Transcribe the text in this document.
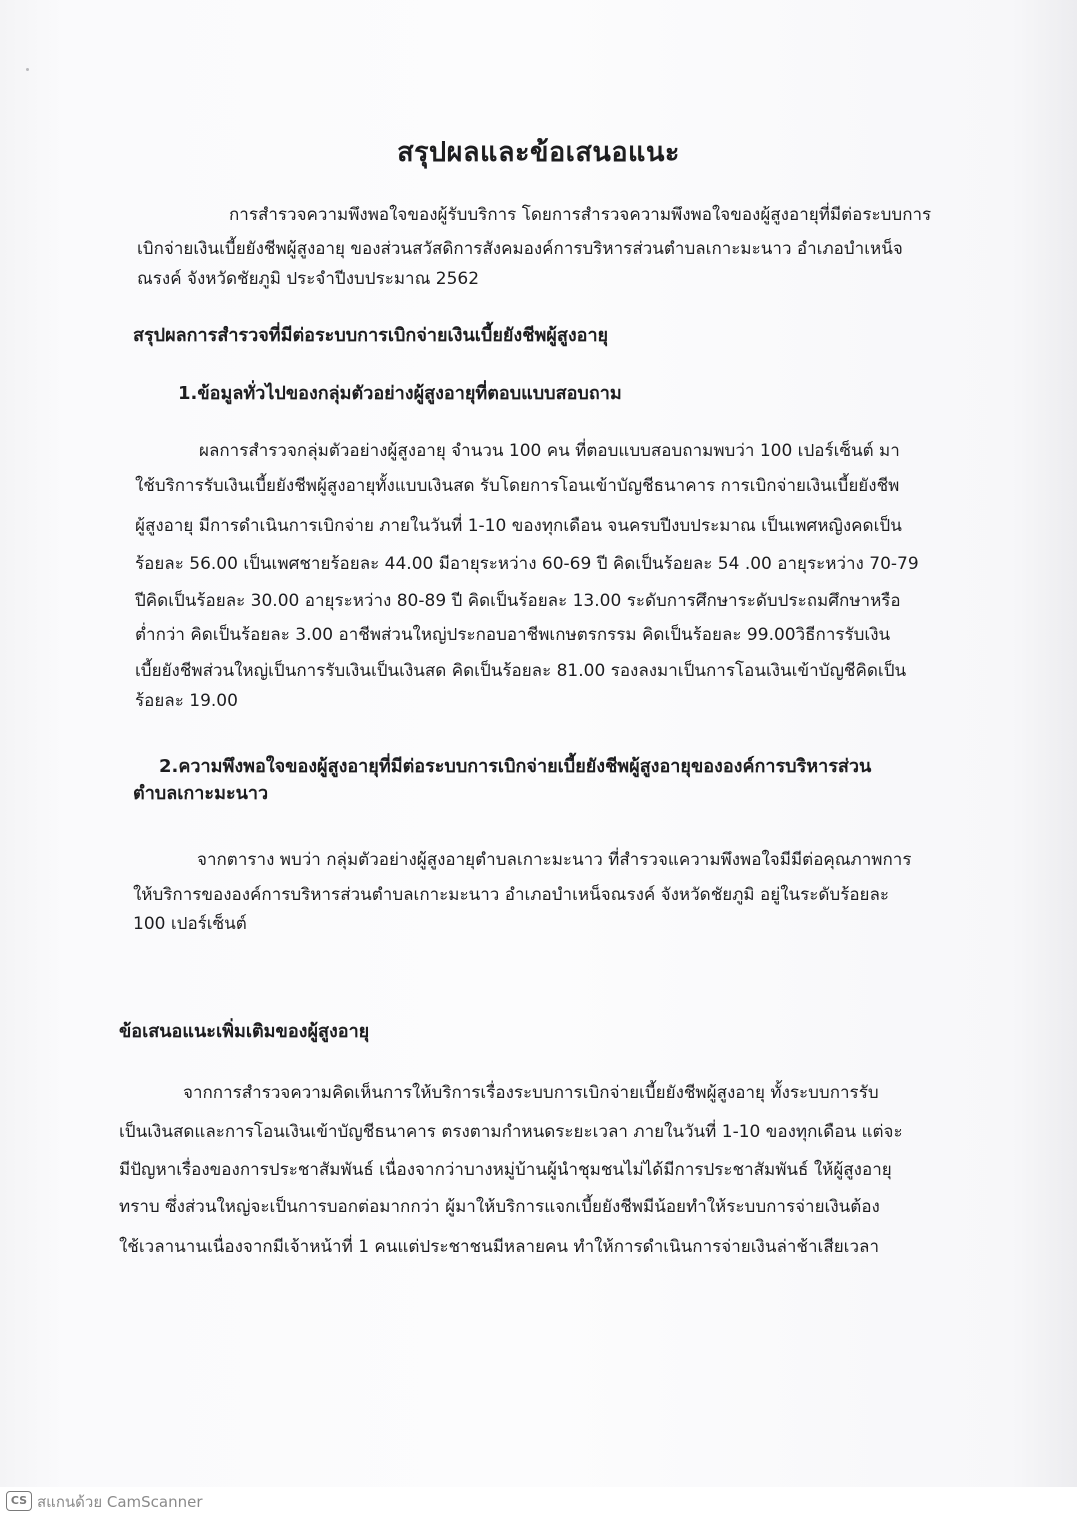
สรุปผลและข้อเสนอแนะ
การสำรวจความพึงพอใจของผู้รับบริการ โดยการสำรวจความพึงพอใจของผู้สูงอายุที่มีต่อระบบการ
เบิกจ่ายเงินเบี้ยยังชีพผู้สูงอายุ ของส่วนสวัสดิการสังคมองค์การบริหารส่วนตำบลเกาะมะนาว อำเภอบำเหน็จ
ณรงค์ จังหวัดชัยภูมิ ประจำปีงบประมาณ 2562
สรุปผลการสำรวจที่มีต่อระบบการเบิกจ่ายเงินเบี้ยยังชีพผู้สูงอายุ
1.ข้อมูลทั่วไปของกลุ่มตัวอย่างผู้สูงอายุที่ตอบแบบสอบถาม
ผลการสำรวจกลุ่มตัวอย่างผู้สูงอายุ จำนวน 100 คน ที่ตอบแบบสอบถามพบว่า 100 เปอร์เซ็นต์ มา
ใช้บริการรับเงินเบี้ยยังชีพผู้สูงอายุทั้งแบบเงินสด รับโดยการโอนเข้าบัญชีธนาคาร การเบิกจ่ายเงินเบี้ยยังชีพ
ผู้สูงอายุ มีการดำเนินการเบิกจ่าย ภายในวันที่ 1-10 ของทุกเดือน จนครบปีงบประมาณ เป็นเพศหญิงคดเป็น
ร้อยละ 56.00 เป็นเพศชายร้อยละ 44.00 มีอายุระหว่าง 60-69 ปี คิดเป็นร้อยละ 54 .00 อายุระหว่าง 70-79
ปีคิดเป็นร้อยละ 30.00 อายุระหว่าง 80-89 ปี คิดเป็นร้อยละ 13.00 ระดับการศึกษาระดับประถมศึกษาหรือ
ต่ำกว่า คิดเป็นร้อยละ 3.00 อาชีพส่วนใหญ่ประกอบอาชีพเกษตรกรรม คิดเป็นร้อยละ 99.00วิธีการรับเงิน
เบี้ยยังชีพส่วนใหญ่เป็นการรับเงินเป็นเงินสด คิดเป็นร้อยละ 81.00 รองลงมาเป็นการโอนเงินเข้าบัญชีคิดเป็น
ร้อยละ 19.00
2.ความพึงพอใจของผู้สูงอายุที่มีต่อระบบการเบิกจ่ายเบี้ยยังชีพผู้สูงอายุขององค์การบริหารส่วน
ตำบลเกาะมะนาว
จากตาราง พบว่า กลุ่มตัวอย่างผู้สูงอายุตำบลเกาะมะนาว ที่สำรวจแความพึงพอใจมีมีต่อคุณภาพการ
ให้บริการขององค์การบริหารส่วนตำบลเกาะมะนาว อำเภอบำเหน็จณรงค์ จังหวัดชัยภูมิ อยู่ในระดับร้อยละ
100 เปอร์เซ็นต์
ข้อเสนอแนะเพิ่มเติมของผู้สูงอายุ
จากการสำรวจความคิดเห็นการให้บริการเรื่องระบบการเบิกจ่ายเบี้ยยังชีพผู้สูงอายุ ทั้งระบบการรับ
เป็นเงินสดและการโอนเงินเข้าบัญชีธนาคาร ตรงตามกำหนดระยะเวลา ภายในวันที่ 1-10 ของทุกเดือน แต่จะ
มีปัญหาเรื่องของการประชาสัมพันธ์ เนื่องจากว่าบางหมู่บ้านผู้นำชุมชนไม่ได้มีการประชาสัมพันธ์ ให้ผู้สูงอายุ
ทราบ ซึ่งส่วนใหญ่จะเป็นการบอกต่อมากกว่า ผู้มาให้บริการแจกเบี้ยยังชีพมีน้อยทำให้ระบบการจ่ายเงินต้อง
ใช้เวลานานเนื่องจากมีเจ้าหน้าที่ 1 คนแต่ประชาชนมีหลายคน ทำให้การดำเนินการจ่ายเงินล่าช้าเสียเวลา
CS สแกนด้วย CamScanner
